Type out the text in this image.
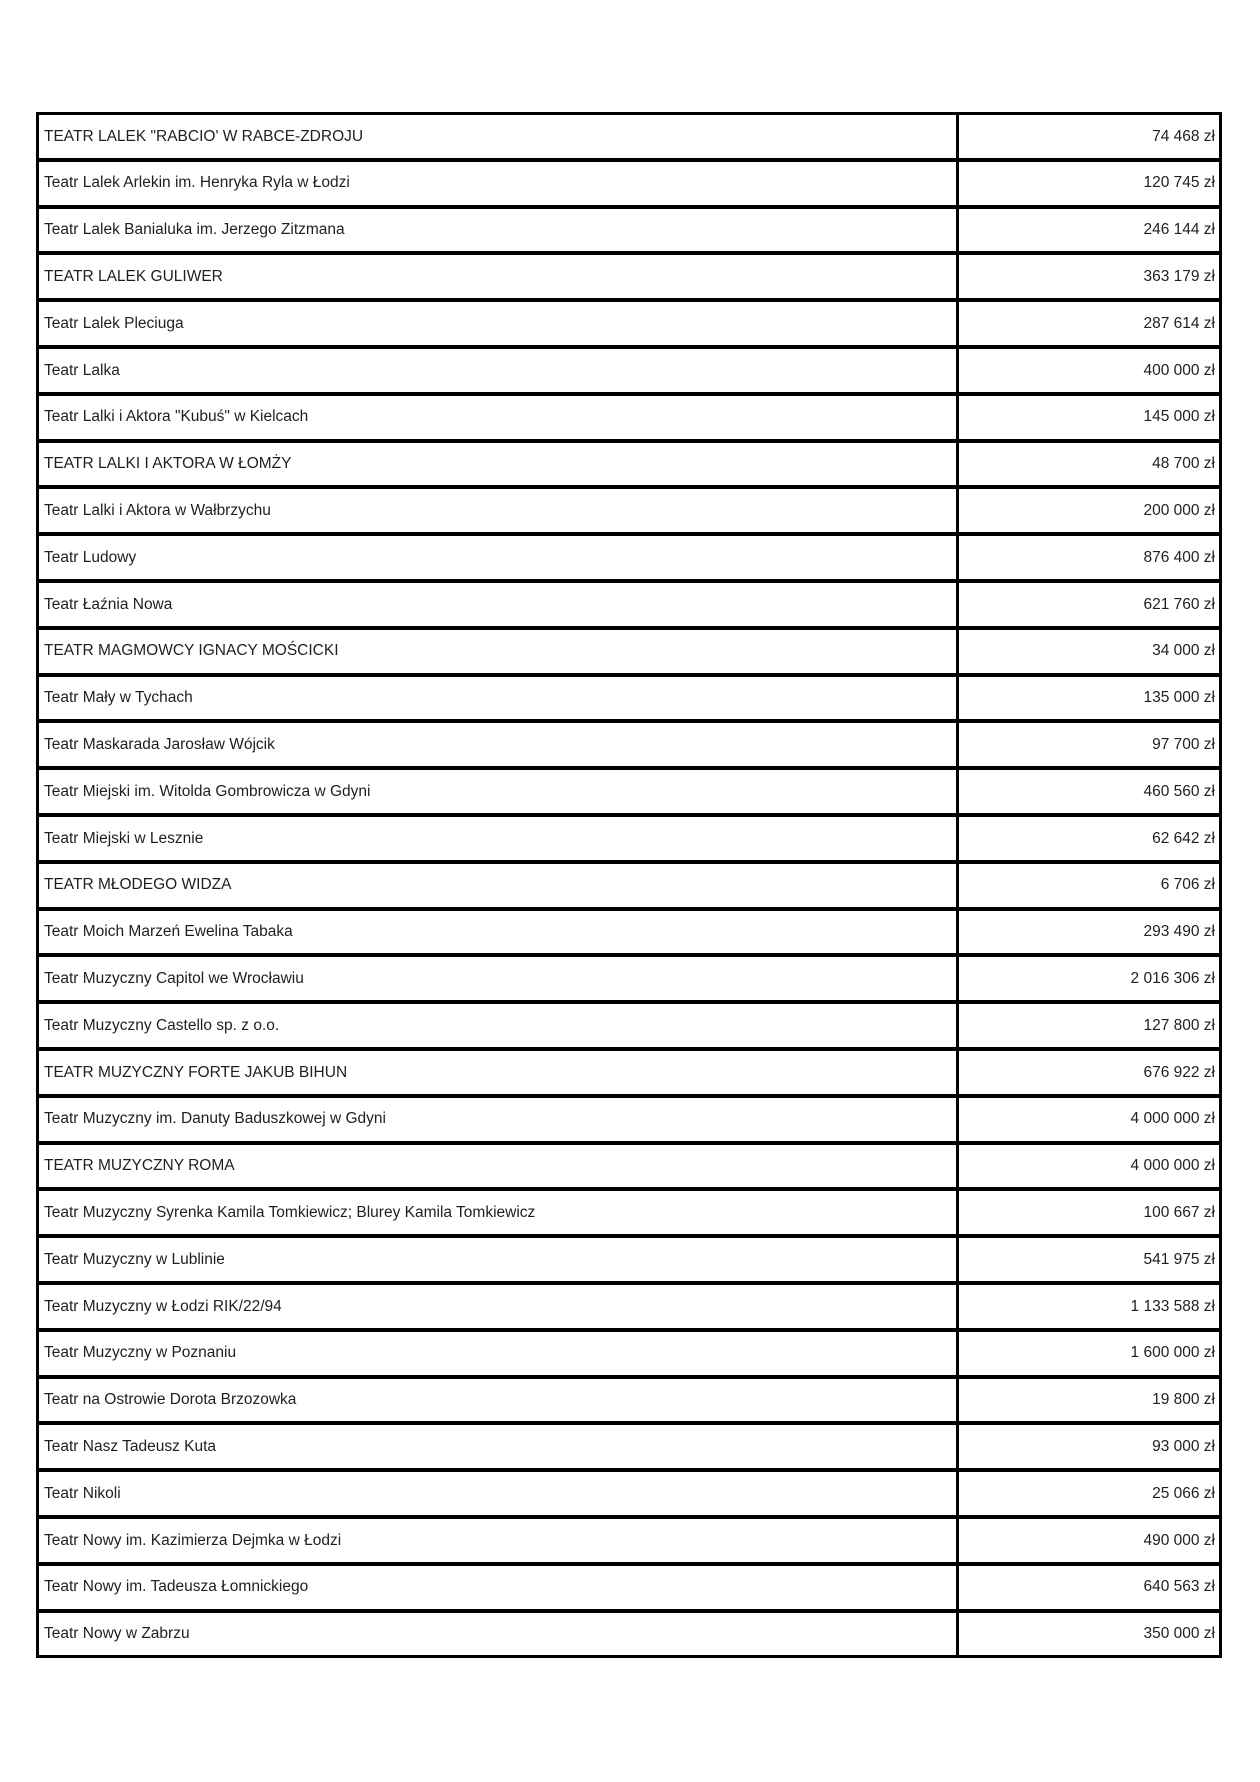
TEATR LALEK "RABCIO' W RABCE-ZDROJU	74 468 zł
Teatr Lalek Arlekin im. Henryka Ryla w Łodzi	120 745 zł
Teatr Lalek Banialuka im. Jerzego Zitzmana	246 144 zł
TEATR LALEK GULIWER	363 179 zł
Teatr Lalek Pleciuga	287 614 zł
Teatr Lalka	400 000 zł
Teatr Lalki i Aktora "Kubuś" w Kielcach	145 000 zł
TEATR LALKI I AKTORA W ŁOMŻY	48 700 zł
Teatr Lalki i Aktora w Wałbrzychu	200 000 zł
Teatr Ludowy	876 400 zł
Teatr Łaźnia Nowa	621 760 zł
TEATR MAGMOWCY IGNACY MOŚCICKI	34 000 zł
Teatr Mały w Tychach	135 000 zł
Teatr Maskarada Jarosław Wójcik	97 700 zł
Teatr Miejski im. Witolda Gombrowicza w Gdyni	460 560 zł
Teatr Miejski w Lesznie	62 642 zł
TEATR MŁODEGO WIDZA	6 706 zł
Teatr Moich Marzeń Ewelina Tabaka	293 490 zł
Teatr Muzyczny Capitol we Wrocławiu	2 016 306 zł
Teatr Muzyczny Castello sp. z o.o.	127 800 zł
TEATR MUZYCZNY FORTE JAKUB BIHUN	676 922 zł
Teatr Muzyczny im. Danuty Baduszkowej w Gdyni	4 000 000 zł
TEATR MUZYCZNY ROMA	4 000 000 zł
Teatr Muzyczny Syrenka Kamila Tomkiewicz; Blurey Kamila Tomkiewicz	100 667 zł
Teatr Muzyczny w Lublinie	541 975 zł
Teatr Muzyczny w Łodzi RIK/22/94	1 133 588 zł
Teatr Muzyczny w Poznaniu	1 600 000 zł
Teatr na Ostrowie Dorota Brzozowka	19 800 zł
Teatr Nasz Tadeusz Kuta	93 000 zł
Teatr Nikoli	25 066 zł
Teatr Nowy im. Kazimierza Dejmka w Łodzi	490 000 zł
Teatr Nowy im. Tadeusza Łomnickiego	640 563 zł
Teatr Nowy w Zabrzu	350 000 zł
